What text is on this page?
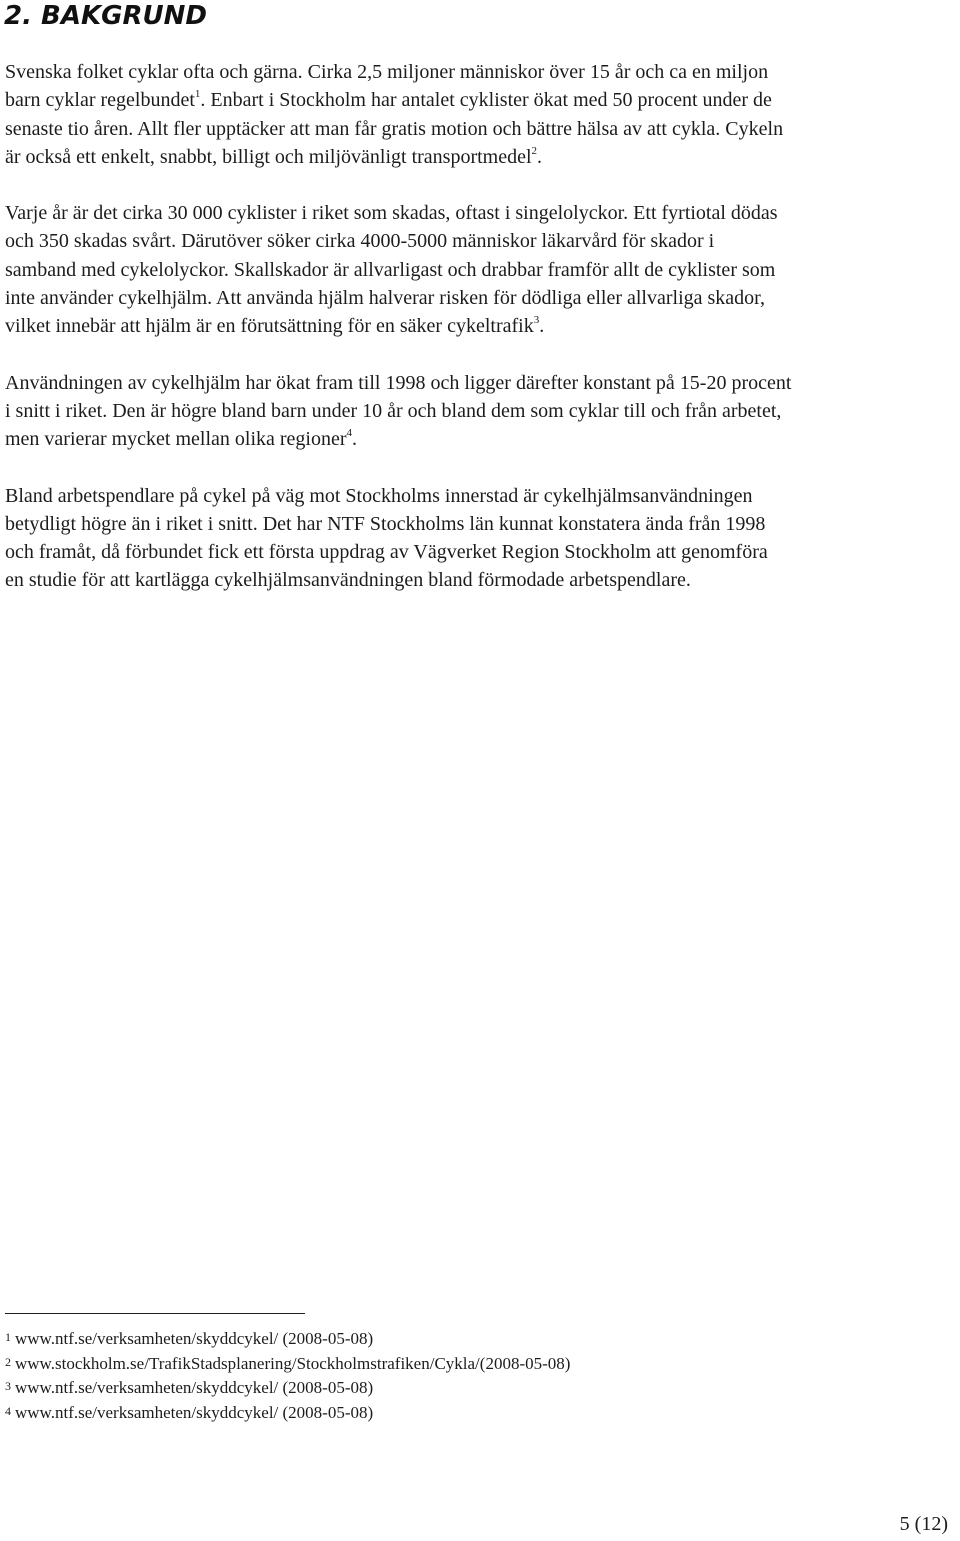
2. BAKGRUND

Svenska folket cyklar ofta och gärna. Cirka 2,5 miljoner människor över 15 år och ca en miljon
barn cyklar regelbundet$^1$. Enbart i Stockholm har antalet cyklister ökat med 50 procent under de
senaste tio åren. Allt fler upptäcker att man får gratis motion och bättre hälsa av att cykla. Cykeln
är också ett enkelt, snabbt, billigt och miljövänligt transportmedel$^2$.

Varje år är det cirka 30 000 cyklister i riket som skadas, oftast i singelolyckor. Ett fyrtiotal dödas
och 350 skadas svårt. Därutöver söker cirka 4000-5000 människor läkarvård för skador i
samband med cykelolyckor. Skallskador är allvarligast och drabbar framför allt de cyklister som
inte använder cykelhjälm. Att använda hjälm halverar risken för dödliga eller allvarliga skador,
vilket innebär att hjälm är en förutsättning för en säker cykeltrafik$^3$.

Användningen av cykelhjälm har ökat fram till 1998 och ligger därefter konstant på 15-20 procent
i snitt i riket. Den är högre bland barn under 10 år och bland dem som cyklar till och från arbetet,
men varierar mycket mellan olika regioner$^4$.

Bland arbetspendlare på cykel på väg mot Stockholms innerstad är cykelhjälmsanvändningen
betydligt högre än i riket i snitt. Det har NTF Stockholms län kunnat konstatera ända från 1998
och framåt, då förbundet fick ett första uppdrag av Vägverket Region Stockholm att genomföra
en studie för att kartlägga cykelhjälmsanvändningen bland förmodade arbetspendlare.

1 www.ntf.se/verksamheten/skyddcykel/ (2008-05-08)
2 www.stockholm.se/TrafikStadsplanering/Stockholmstrafiken/Cykla/(2008-05-08)
3 www.ntf.se/verksamheten/skyddcykel/ (2008-05-08)
4 www.ntf.se/verksamheten/skyddcykel/ (2008-05-08)
5 (12)
